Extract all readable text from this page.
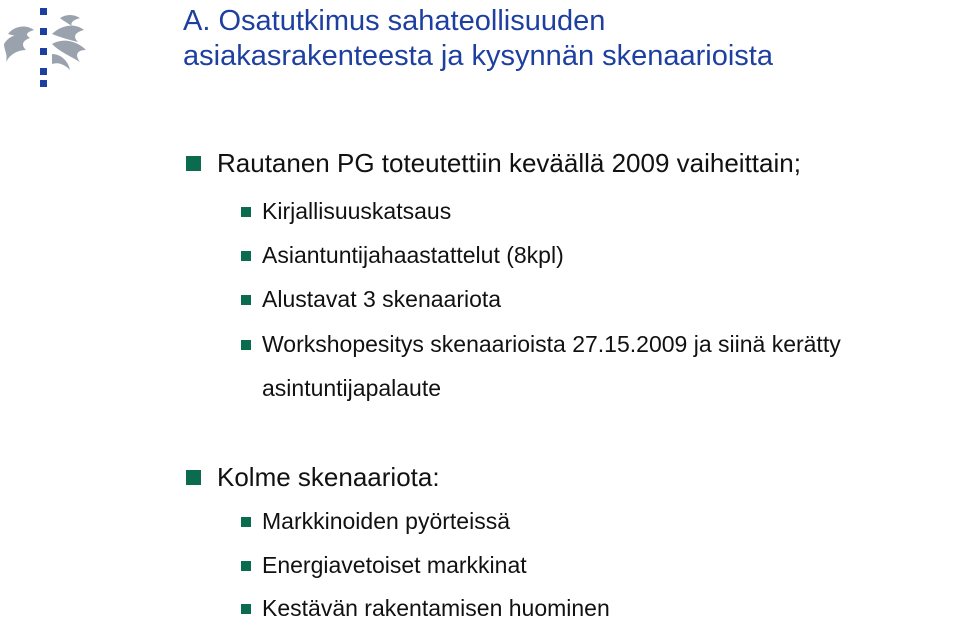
A. Osatutkimus sahateollisuuden
asiakasrakenteesta ja kysynnän skenaarioista
Rautanen PG toteutettiin keväällä 2009 vaiheittain;
Kirjallisuuskatsaus
Asiantuntijahaastattelut (8kpl)
Alustavat 3 skenaariota
Workshopesitys skenaarioista 27.15.2009 ja siinä kerätty
asintuntijapalaute
Kolme skenaariota:
Markkinoiden pyörteissä
Energiavetoiset markkinat
Kestävän rakentamisen huominen
